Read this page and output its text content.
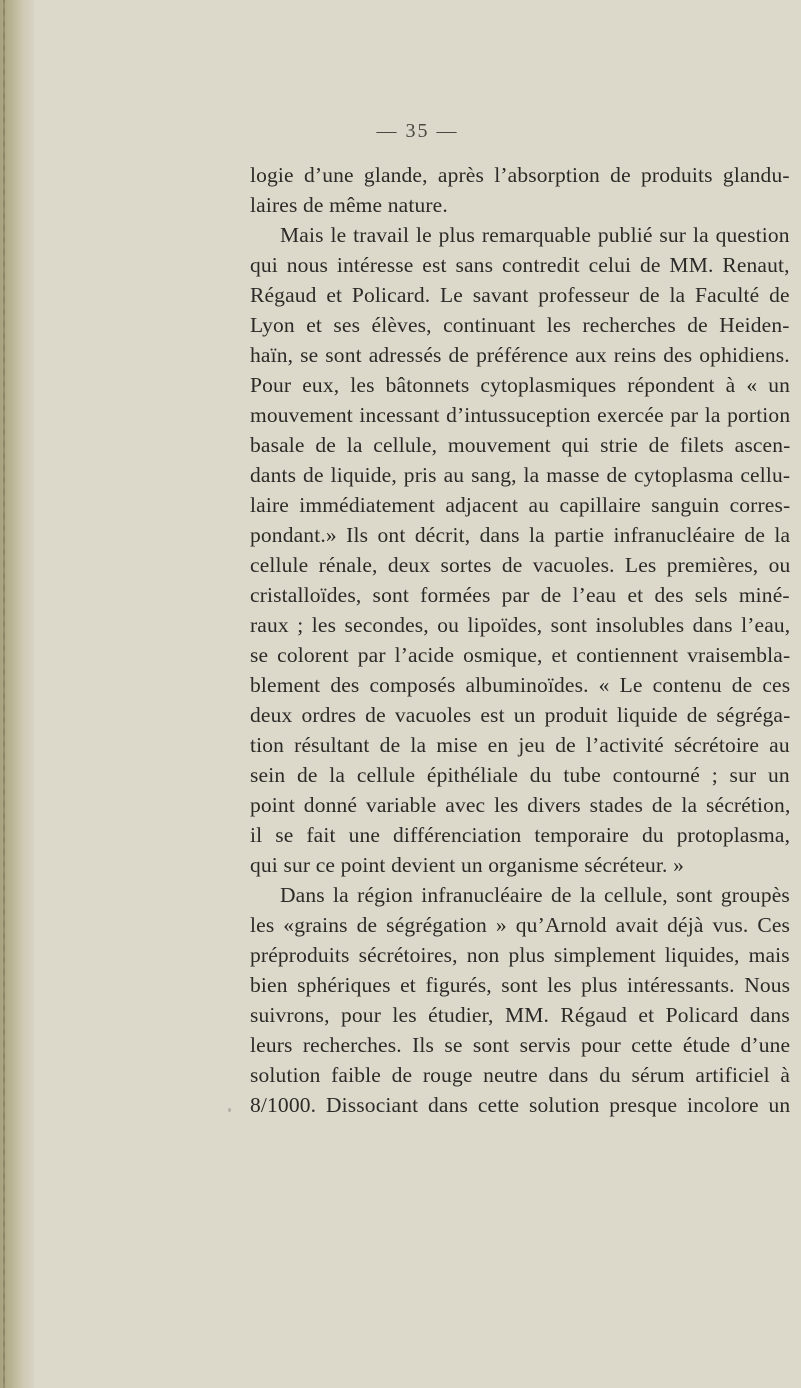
— 35 —
logie d’une glande, après l’absorption de produits glandu-
laires de même nature.
Mais le travail le plus remarquable publié sur la question
qui nous intéresse est sans contredit celui de MM. Renaut,
Régaud et Policard. Le savant professeur de la Faculté de
Lyon et ses élèves, continuant les recherches de Heiden-
haïn, se sont adressés de préférence aux reins des ophidiens.
Pour eux, les bâtonnets cytoplasmiques répondent à « un
mouvement incessant d’intussuception exercée par la portion
basale de la cellule, mouvement qui strie de filets ascen-
dants de liquide, pris au sang, la masse de cytoplasma cellu-
laire immédiatement adjacent au capillaire sanguin corres-
pondant.» Ils ont décrit, dans la partie infranucléaire de la
cellule rénale, deux sortes de vacuoles. Les premières, ou
cristalloïdes, sont formées par de l’eau et des sels miné-
raux ; les secondes, ou lipoïdes, sont insolubles dans l’eau,
se colorent par l’acide osmique, et contiennent vraisembla-
blement des composés albuminoïdes. « Le contenu de ces
deux ordres de vacuoles est un produit liquide de ségréga-
tion résultant de la mise en jeu de l’activité sécrétoire au
sein de la cellule épithéliale du tube contourné ; sur un
point donné variable avec les divers stades de la sécrétion,
il se fait une différenciation temporaire du protoplasma,
qui sur ce point devient un organisme sécréteur. »
Dans la région infranucléaire de la cellule, sont groupès
les «grains de ségrégation » qu’Arnold avait déjà vus. Ces
préproduits sécrétoires, non plus simplement liquides, mais
bien sphériques et figurés, sont les plus intéressants. Nous
suivrons, pour les étudier, MM. Régaud et Policard dans
leurs recherches. Ils se sont servis pour cette étude d’une
solution faible de rouge neutre dans du sérum artificiel à
8/1000. Dissociant dans cette solution presque incolore un
